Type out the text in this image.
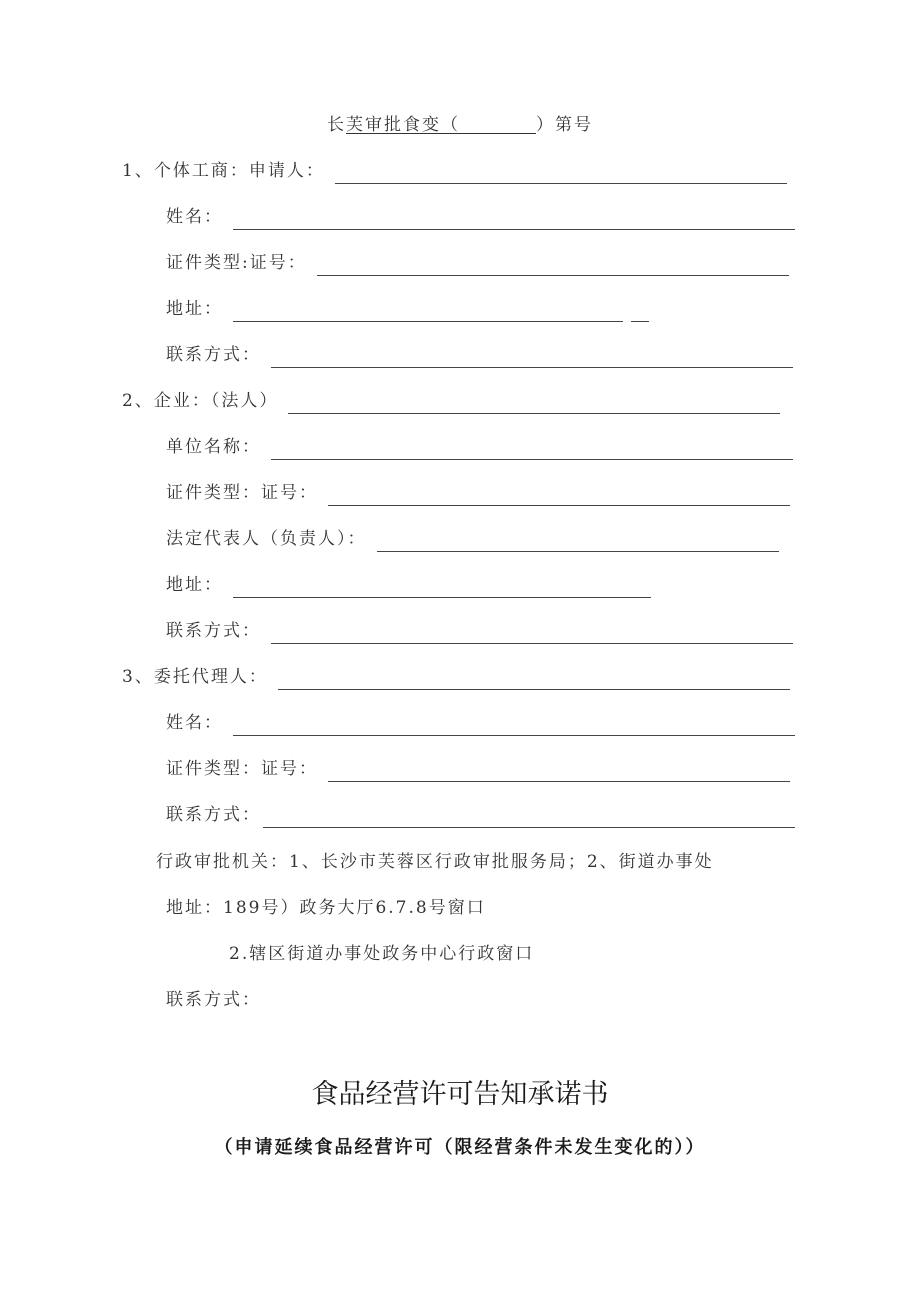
长芙审批食变（　　　　	）第号
1、个体工商：申请人：
姓名：
证件类型:证号：
地址：
联系方式：
2、企业：（法人）
单位名称：
证件类型：证号：
法定代表人（负责人）：
地址：
联系方式：
3、委托代理人：
姓名：
证件类型：证号：
联系方式：
行政审批机关：1、长沙市芙蓉区行政审批服务局；2、街道办事处
地址：189号）政务大厅6.7.8号窗口
2.辖区街道办事处政务中心行政窗口
联系方式：
食品经营许可告知承诺书
（申请延续食品经营许可（限经营条件未发生变化的））
